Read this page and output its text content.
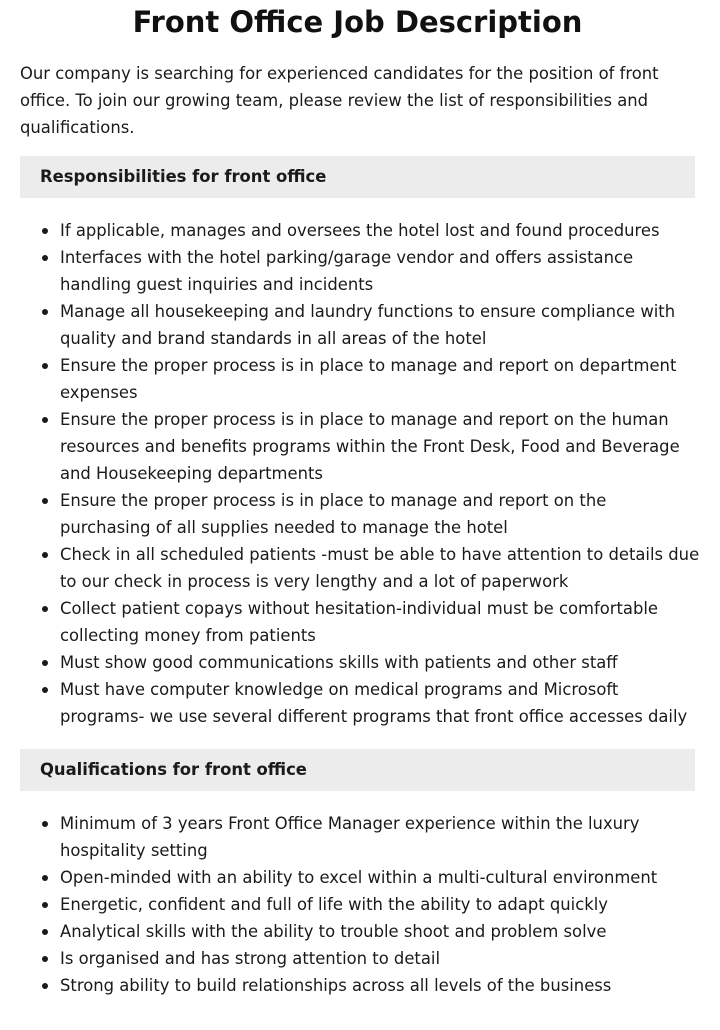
Front Office Job Description

Our company is searching for experienced candidates for the position of front office. To join our growing team, please review the list of responsibilities and qualifications.

Responsibilities for front office
If applicable, manages and oversees the hotel lost and found procedures
Interfaces with the hotel parking/garage vendor and offers assistance handling guest inquiries and incidents
Manage all housekeeping and laundry functions to ensure compliance with quality and brand standards in all areas of the hotel
Ensure the proper process is in place to manage and report on department expenses
Ensure the proper process is in place to manage and report on the human resources and benefits programs within the Front Desk, Food and Beverage and Housekeeping departments
Ensure the proper process is in place to manage and report on the purchasing of all supplies needed to manage the hotel
Check in all scheduled patients -must be able to have attention to details due to our check in process is very lengthy and a lot of paperwork
Collect patient copays without hesitation-individual must be comfortable collecting money from patients
Must show good communications skills with patients and other staff
Must have computer knowledge on medical programs and Microsoft programs- we use several different programs that front office accesses daily
Qualifications for front office
Minimum of 3 years Front Office Manager experience within the luxury hospitality setting
Open-minded with an ability to excel within a multi-cultural environment
Energetic, confident and full of life with the ability to adapt quickly
Analytical skills with the ability to trouble shoot and problem solve
Is organised and has strong attention to detail
Strong ability to build relationships across all levels of the business
